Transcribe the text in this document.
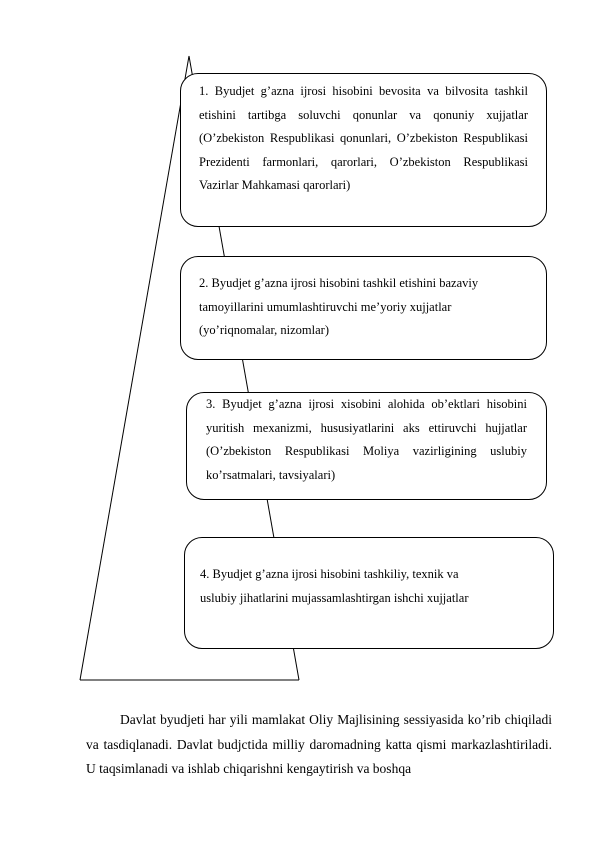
1. Byudjet g’azna ijrosi hisobini bevosita va bilvosita tashkil etishini tartibga soluvchi qonunlar va qonuniy xujjatlar (O’zbekiston Respublikasi qonunlari, O’zbekiston Respublikasi Prezidenti farmonlari, qarorlari, O’zbekiston Respublikasi Vazirlar Mahkamasi qarorlari)
2. Byudjet g’azna ijrosi hisobini tashkil etishini bazaviy
tamoyillarini umumlashtiruvchi me’yoriy xujjatlar
(yo’riqnomalar, nizomlar)
3. Byudjet g’azna ijrosi xisobini alohida ob’ektlari hisobini yuritish mexanizmi, hususiyatlarini aks ettiruvchi hujjatlar (O’zbekiston Respublikasi Moliya vazirligining uslubiy ko’rsatmalari, tavsiyalari)
4. Byudjet g’azna ijrosi hisobini tashkiliy, texnik va
uslubiy jihatlarini mujassamlashtirgan ishchi xujjatlar

Davlat byudjeti har yili mamlakat Oliy Majlisining sessiyasida ko’rib chiqiladi va tasdiqlanadi. Davlat budjctida milliy daromadning katta qismi markazlashtiriladi. U taqsimlanadi va ishlab chiqarishni kengaytirish va boshqa
